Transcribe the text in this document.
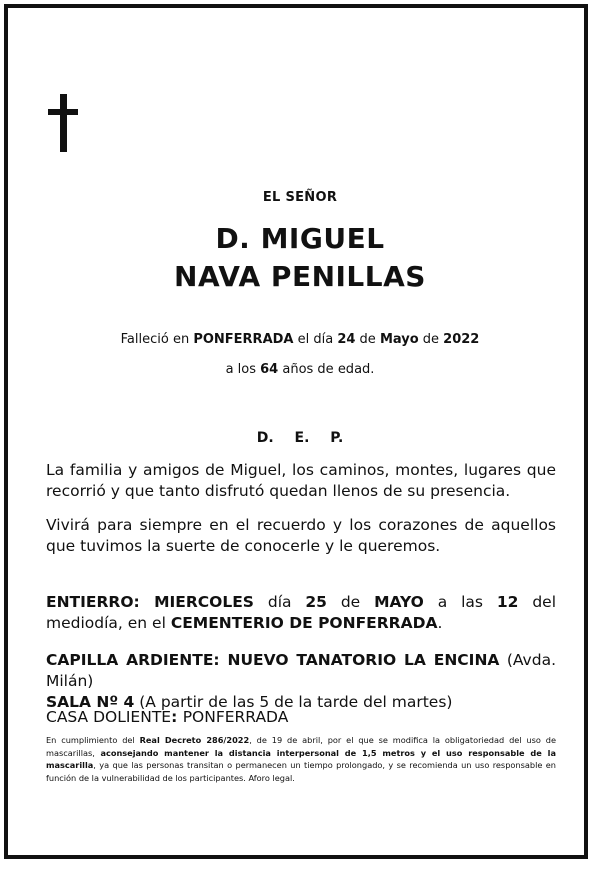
EL SEÑOR
D. MIGUEL
NAVA PENILLAS
Falleció en PONFERRADA el día 24 de Mayo de 2022
a los 64 años de edad.
D. E. P.
La familia y amigos de Miguel, los caminos, montes, lugares que recorrió y que tanto disfrutó quedan llenos de su presencia.
Vivirá para siempre en el recuerdo y los corazones de aquellos que tuvimos la suerte de conocerle y le queremos.
ENTIERRO: MIERCOLES día 25 de MAYO a las 12 del mediodía, en el CEMENTERIO DE PONFERRADA.
CAPILLA ARDIENTE: NUEVO TANATORIO LA ENCINA (Avda. Milán)
SALA Nº 4 (A partir de las 5 de la tarde del martes)
CASA DOLIENTE: PONFERRADA
En cumplimiento del Real Decreto 286/2022, de 19 de abril, por el que se modifica la obligatoriedad del uso de mascarillas, aconsejando mantener la distancia interpersonal de 1,5 metros y el uso responsable de la mascarilla, ya que las personas transitan o permanecen un tiempo prolongado, y se recomienda un uso responsable en función de la vulnerabilidad de los participantes. Aforo legal.
